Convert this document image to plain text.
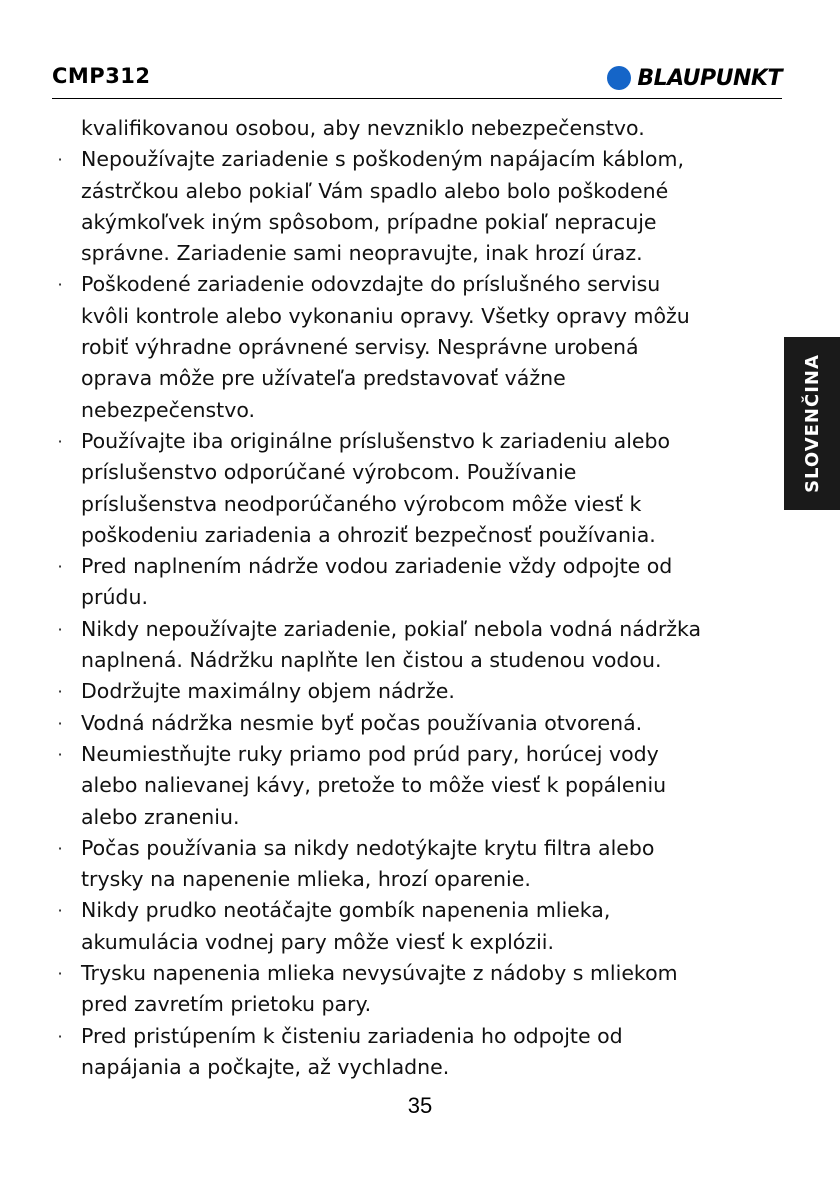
CMP312	BLAUPUNKT
SLOVENČINA
kvalifikovanou osobou, aby nevzniklo nebezpečenstvo.
· Nepoužívajte zariadenie s poškodeným napájacím káblom,
zástrčkou alebo pokiaľ Vám spadlo alebo bolo poškodené
akýmkoľvek iným spôsobom, prípadne pokiaľ nepracuje
správne. Zariadenie sami neopravujte, inak hrozí úraz.
· Poškodené zariadenie odovzdajte do príslušného servisu
kvôli kontrole alebo vykonaniu opravy. Všetky opravy môžu
robiť výhradne oprávnené servisy. Nesprávne urobená
oprava môže pre užívateľa predstavovať vážne
nebezpečenstvo.
· Používajte iba originálne príslušenstvo k zariadeniu alebo
príslušenstvo odporúčané výrobcom. Používanie
príslušenstva neodporúčaného výrobcom môže viesť k
poškodeniu zariadenia a ohroziť bezpečnosť používania.
· Pred naplnením nádrže vodou zariadenie vždy odpojte od
prúdu.
· Nikdy nepoužívajte zariadenie, pokiaľ nebola vodná nádržka
naplnená. Nádržku naplňte len čistou a studenou vodou.
· Dodržujte maximálny objem nádrže.
· Vodná nádržka nesmie byť počas používania otvorená.
· Neumiestňujte ruky priamo pod prúd pary, horúcej vody
alebo nalievanej kávy, pretože to môže viesť k popáleniu
alebo zraneniu.
· Počas používania sa nikdy nedotýkajte krytu filtra alebo
trysky na napenenie mlieka, hrozí oparenie.
· Nikdy prudko neotáčajte gombík napenenia mlieka,
akumulácia vodnej pary môže viesť k explózii.
· Trysku napenenia mlieka nevysúvajte z nádoby s mliekom
pred zavretím prietoku pary.
· Pred pristúpením k čisteniu zariadenia ho odpojte od
napájania a počkajte, až vychladne.
35
